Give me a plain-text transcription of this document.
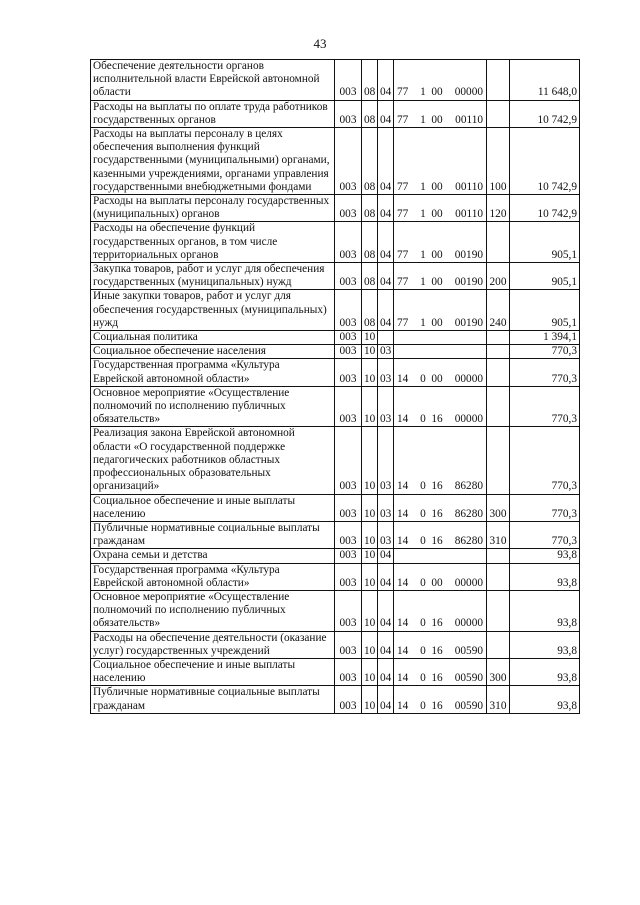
43
Обеспечение деятельности органов исполнительной власти Еврейской автономной области	003	08	04	77 1 00 00000		11 648,0
Расходы на выплаты по оплате труда работников государственных органов	003	08	04	77 1 00 00110		10 742,9
Расходы на выплаты персоналу в целях обеспечения выполнения функций государственными (муниципальными) органами, казенными учреждениями, органами управления государственными внебюджетными фондами	003	08	04	77 1 00 00110	100	10 742,9
Расходы на выплаты персоналу государственных (муниципальных) органов	003	08	04	77 1 00 00110	120	10 742,9
Расходы на обеспечение функций государственных органов, в том числе территориальных органов	003	08	04	77 1 00 00190		905,1
Закупка товаров, работ и услуг для обеспечения государственных (муниципальных) нужд	003	08	04	77 1 00 00190	200	905,1
Иные закупки товаров, работ и услуг для обеспечения государственных (муниципальных) нужд	003	08	04	77 1 00 00190	240	905,1
Социальная политика	003	10				1 394,1
Социальное обеспечение населения	003	10	03			770,3
Государственная программа «Культура Еврейской автономной области»	003	10	03	14 0 00 00000		770,3
Основное мероприятие «Осуществление полномочий по исполнению публичных обязательств»	003	10	03	14 0 16 00000		770,3
Реализация закона Еврейской автономной области «О государственной поддержке педагогических работников областных профессиональных образовательных организаций»	003	10	03	14 0 16 86280		770,3
Социальное обеспечение и иные выплаты населению	003	10	03	14 0 16 86280	300	770,3
Публичные нормативные социальные выплаты гражданам	003	10	03	14 0 16 86280	310	770,3
Охрана семьи и детства	003	10	04			93,8
Государственная программа «Культура Еврейской автономной области»	003	10	04	14 0 00 00000		93,8
Основное мероприятие «Осуществление полномочий по исполнению публичных обязательств»	003	10	04	14 0 16 00000		93,8
Расходы на обеспечение деятельности (оказание услуг) государственных учреждений	003	10	04	14 0 16 00590		93,8
Социальное обеспечение и иные выплаты населению	003	10	04	14 0 16 00590	300	93,8
Публичные нормативные социальные выплаты гражданам	003	10	04	14 0 16 00590	310	93,8
